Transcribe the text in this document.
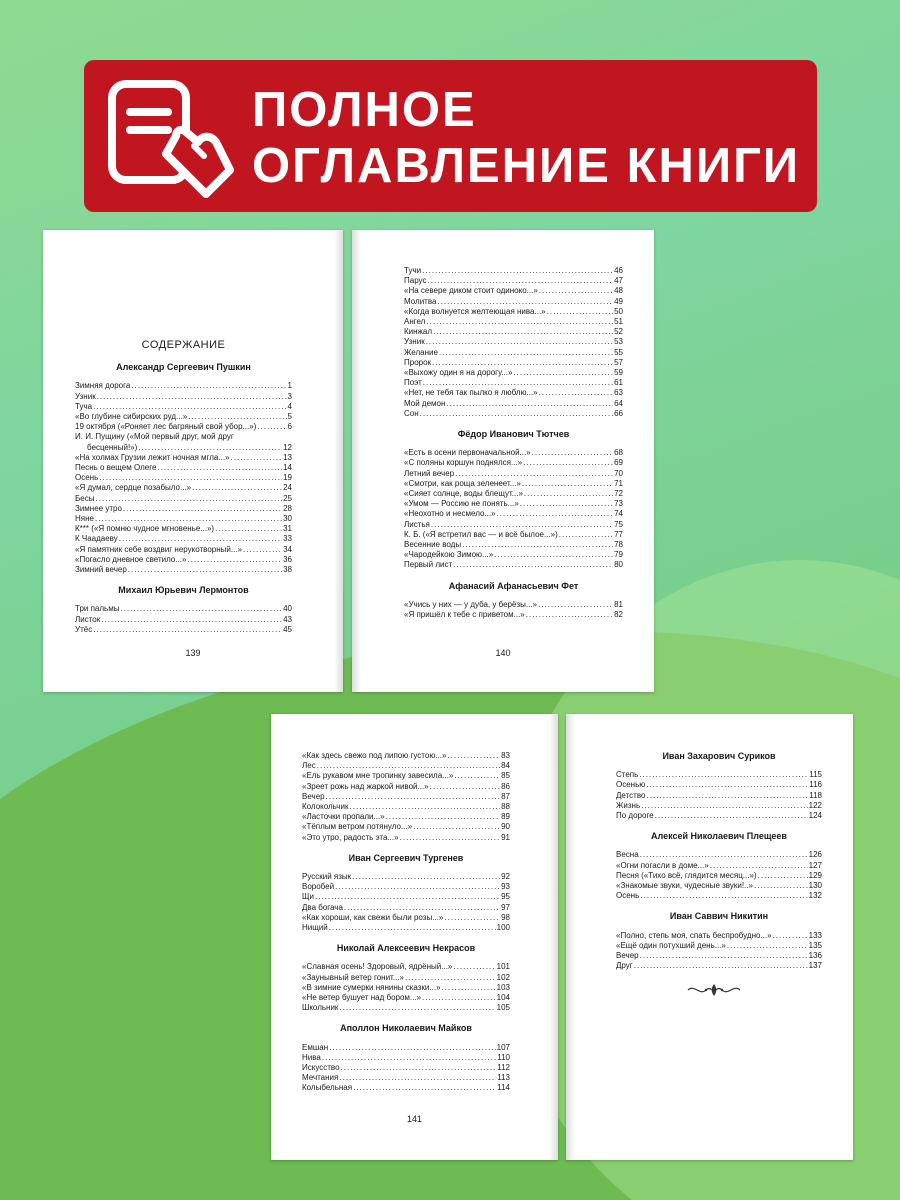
ПОЛНОЕ
ОГЛАВЛЕНИЕ КНИГИ
СОДЕРЖАНИЕ
Александр Сергеевич Пушкин
Зимняя дорога . . .	1
Узник . . .	3
Туча . . .	4
«Во глубине сибирских руд...» . . .	5
19 октября («Роняет лес багряный свой убор...») . . .	6
И. И. Пущину («Мой первый друг, мой друг
бесценный!») . . .	12
«На холмах Грузии лежит ночная мгла...» . . .	13
Песнь о вещем Олеге . . .	14
Осень . . .	19
«Я думал, сердце позабыло...» . . .	24
Бесы . . .	25
Зимнее утро . . .	28
Няне . . .	30
К*** («Я помню чудное мгновенье...») . . .	31
К Чаадаеву . . .	33
«Я памятник себе воздвиг нерукотворный...» . . .	34
«Погасло дневное светило...» . . .	36
Зимний вечер . . .	38
Михаил Юрьевич Лермонтов
Три пальмы . . .	40
Листок . . .	43
Утёс . . .	45
139
Тучи . . .	46
Парус . . .	47
«На севере диком стоит одиноко...» . . .	48
Молитва . . .	49
«Когда волнуется желтеющая нива...» . . .	50
Ангел . . .	51
Кинжал . . .	52
Узник . . .	53
Желание . . .	55
Пророк . . .	57
«Выхожу один я на дорогу...» . . .	59
Поэт . . .	61
«Нет, не тебя так пылко я люблю...» . . .	63
Мой демон . . .	64
Сон . . .	66
Фёдор Иванович Тютчев
«Есть в осени первоначальной...» . . .	68
«С поляны коршун поднялся...» . . .	69
Летний вечер . . .	70
«Смотри, как роща зеленеет...» . . .	71
«Сияет солнце, воды блещут...» . . .	72
«Умом — Россию не понять...» . . .	73
«Неохотно и несмело...» . . .	74
Листья . . .	75
К. Б. («Я встретил вас — и всё былое...») . . .	77
Весенние воды . . .	78
«Чародейкою Зимою...» . . .	79
Первый лист . . .	80
Афанасий Афанасьевич Фет
«Учись у них — у дуба, у берёзы...» . . .	81
«Я пришёл к тебе с приветом...» . . .	82
140
«Как здесь свежо под липою густою...» . . .	83
Лес . . .	84
«Ель рукавом мне тропинку завесила...» . . .	85
«Зреет рожь над жаркой нивой...» . . .	86
Вечер . . .	87
Колокольчик . . .	88
«Ласточки пропали...» . . .	89
«Тёплым ветром потянуло...» . . .	90
«Это утро, радость эта...» . . .	91
Иван Сергеевич Тургенев
Русский язык . . .	92
Воробей . . .	93
Щи . . .	95
Два богача . . .	97
«Как хороши, как свежи были розы...» . . .	98
Нищий . . .	100
Николай Алексеевич Некрасов
«Славная осень! Здоровый, ядрёный...» . . .	101
«Заунывный ветер гонит...» . . .	102
«В зимние сумерки нянины сказки...» . . .	103
«Не ветер бушует над бором...» . . .	104
Школьник . . .	105
Аполлон Николаевич Майков
Емшан . . .	107
Нива . . .	110
Искусство . . .	112
Мечтания . . .	113
Колыбельная . . .	114
141
Иван Захарович Суриков
Степь . . .	115
Осенью . . .	116
Детство . . .	118
Жизнь . . .	122
По дороге . . .	124
Алексей Николаевич Плещеев
Весна . . .	126
«Огни погасли в доме...» . . .	127
Песня («Тихо всё, глядится месяц...») . . .	129
«Знакомые звуки, чудесные звуки!..» . . .	130
Осень . . .	132
Иван Саввич Никитин
«Полно, степь моя, спать беспробудно...» . . .	133
«Ещё один потухший день...» . . .	135
Вечер . . .	136
Друг . . .	137
